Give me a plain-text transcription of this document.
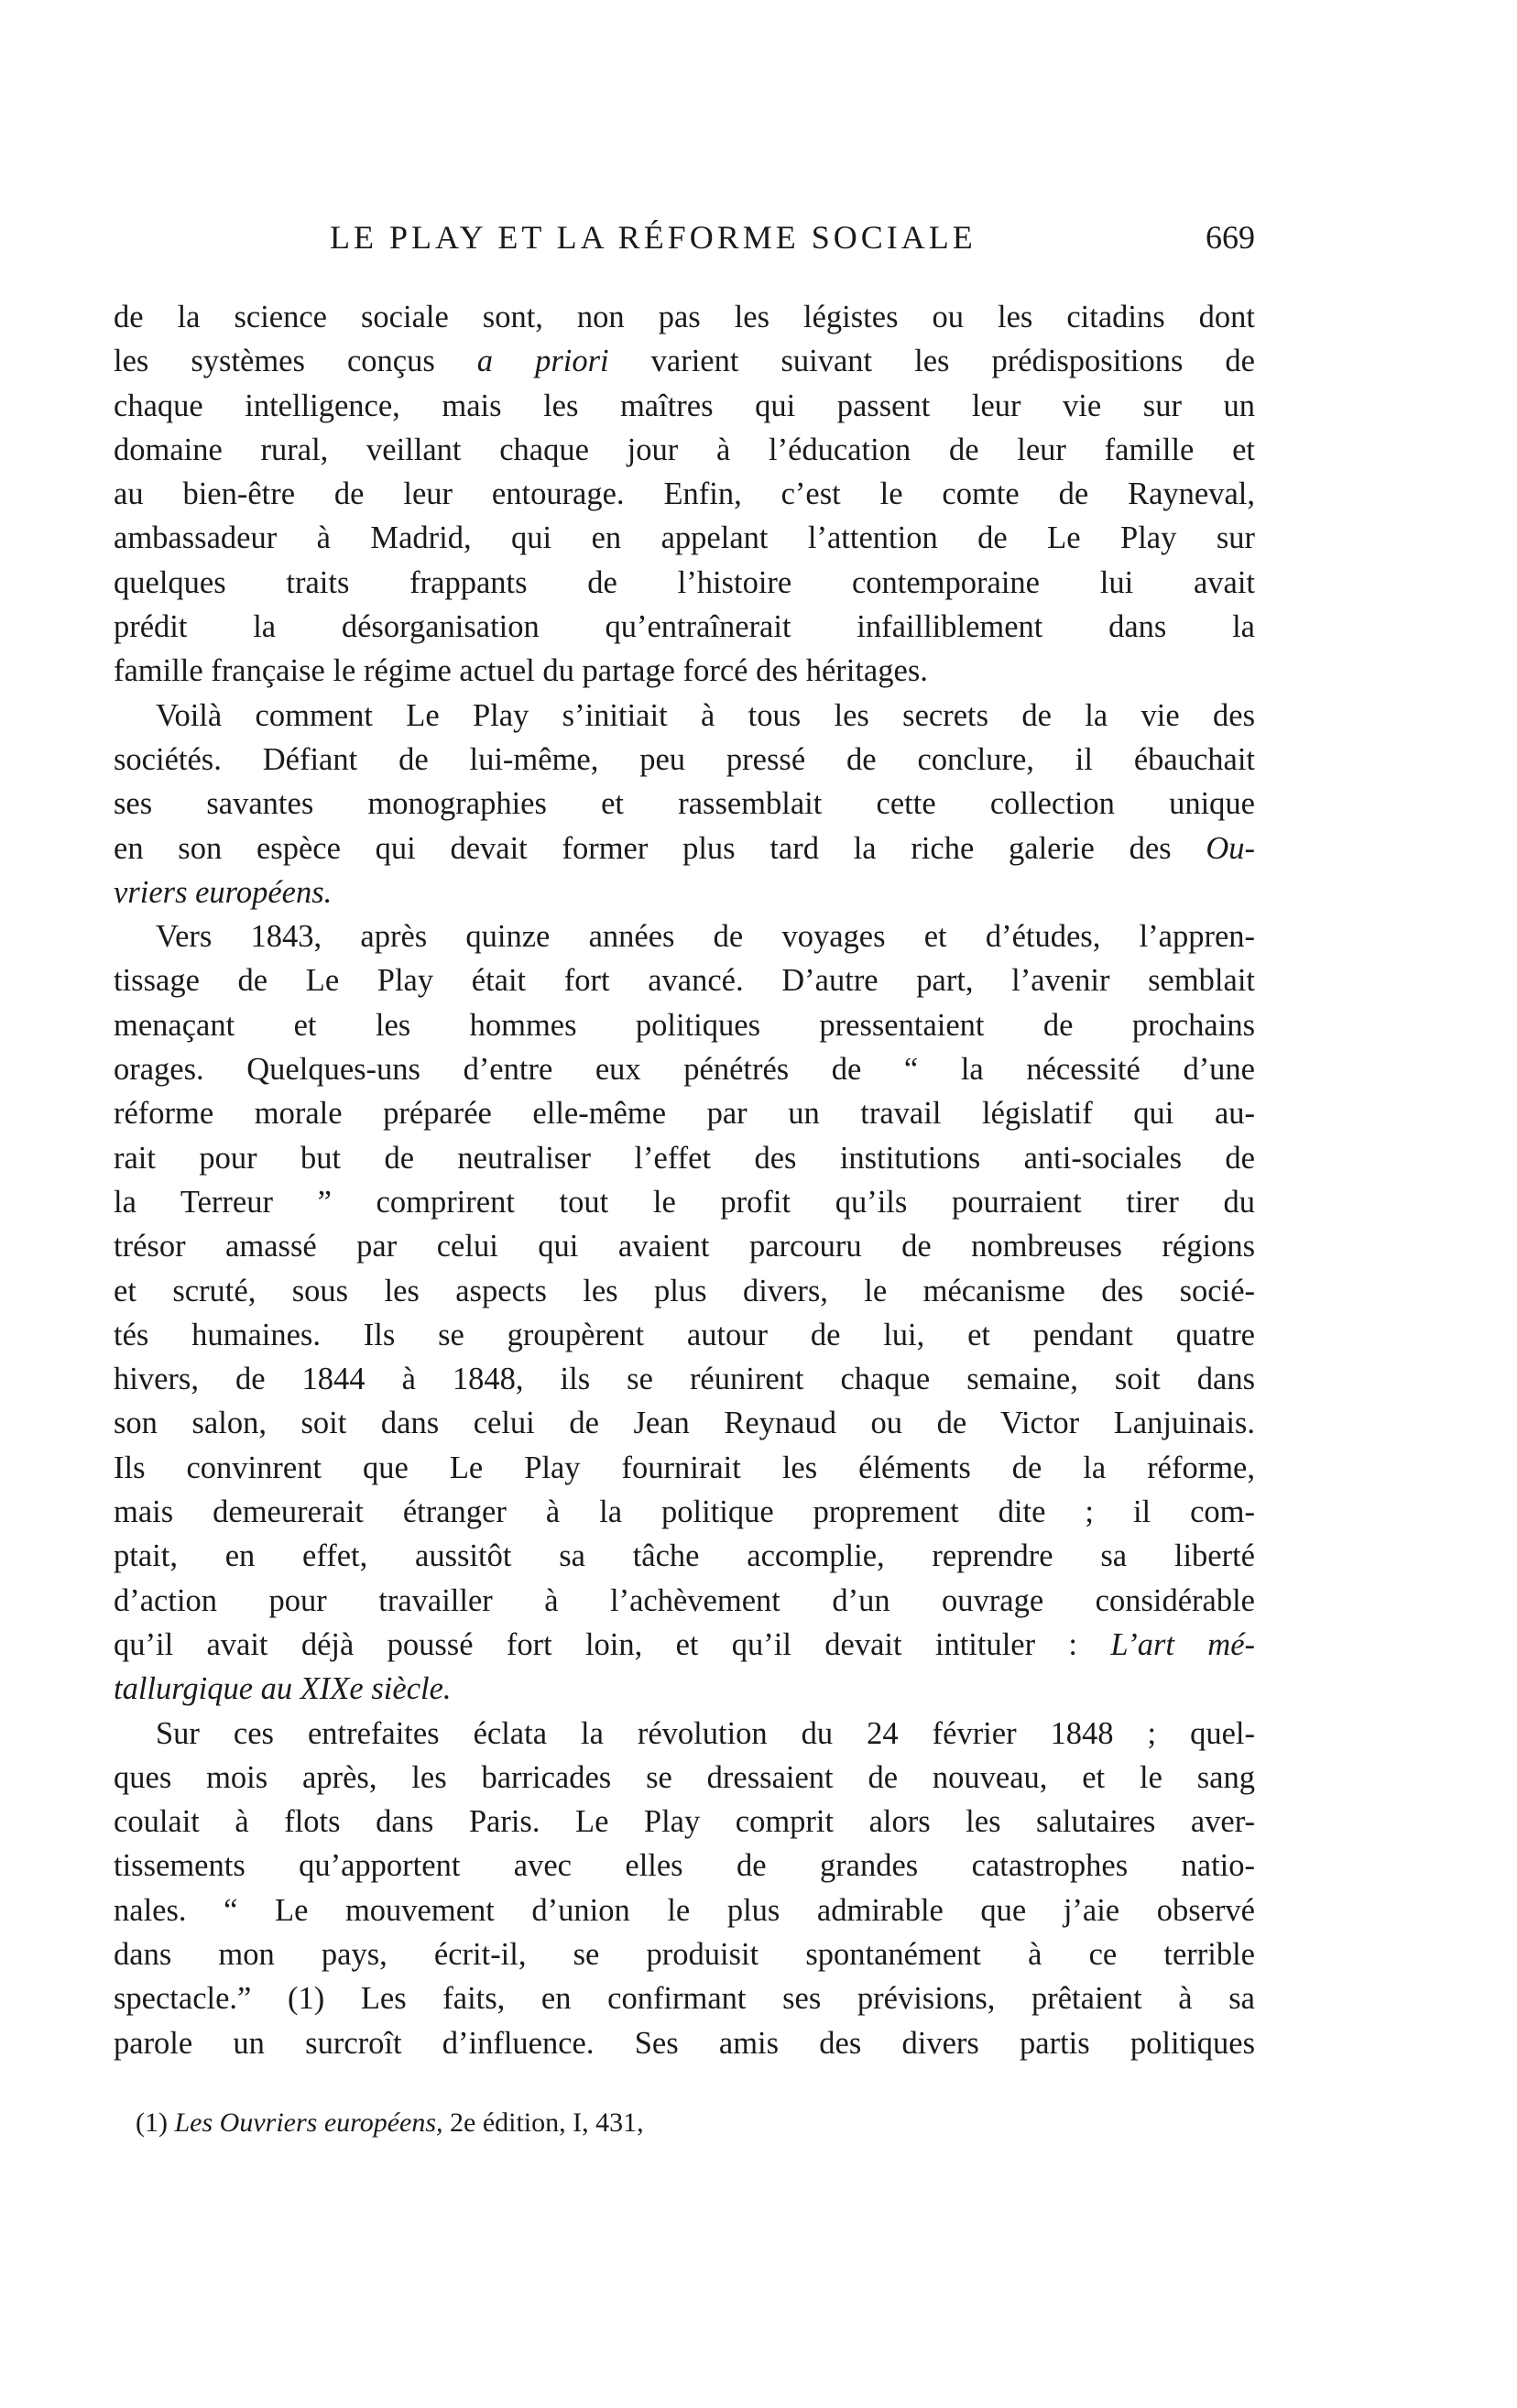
LE PLAY ET LA RÉFORME SOCIALE	669
de la science sociale sont, non pas les légistes ou les citadins dont
les systèmes conçus a priori varient suivant les prédispositions de
chaque intelligence, mais les maîtres qui passent leur vie sur un
domaine rural, veillant chaque jour à l’éducation de leur famille et
au bien-être de leur entourage. Enfin, c’est le comte de Rayneval,
ambassadeur à Madrid, qui en appelant l’attention de Le Play sur
quelques traits frappants de l’histoire contemporaine lui avait
prédit la désorganisation qu’entraînerait infailliblement dans la
famille française le régime actuel du partage forcé des héritages.
Voilà comment Le Play s’initiait à tous les secrets de la vie des
sociétés. Défiant de lui-même, peu pressé de conclure, il ébauchait
ses savantes monographies et rassemblait cette collection unique
en son espèce qui devait former plus tard la riche galerie des Ou-
vriers européens.
Vers 1843, après quinze années de voyages et d’études, l’appren-
tissage de Le Play était fort avancé. D’autre part, l’avenir semblait
menaçant et les hommes politiques pressentaient de prochains
orages. Quelques-uns d’entre eux pénétrés de “ la nécessité d’une
réforme morale préparée elle-même par un travail législatif qui au-
rait pour but de neutraliser l’effet des institutions anti-sociales de
la Terreur ” comprirent tout le profit qu’ils pourraient tirer du
trésor amassé par celui qui avaient parcouru de nombreuses régions
et scruté, sous les aspects les plus divers, le mécanisme des socié-
tés humaines. Ils se groupèrent autour de lui, et pendant quatre
hivers, de 1844 à 1848, ils se réunirent chaque semaine, soit dans
son salon, soit dans celui de Jean Reynaud ou de Victor Lanjuinais.
Ils convinrent que Le Play fournirait les éléments de la réforme,
mais demeurerait étranger à la politique proprement dite ; il com-
ptait, en effet, aussitôt sa tâche accomplie, reprendre sa liberté
d’action pour travailler à l’achèvement d’un ouvrage considérable
qu’il avait déjà poussé fort loin, et qu’il devait intituler : L’art mé-
tallurgique au XIXe siècle.
Sur ces entrefaites éclata la révolution du 24 février 1848 ; quel-
ques mois après, les barricades se dressaient de nouveau, et le sang
coulait à flots dans Paris. Le Play comprit alors les salutaires aver-
tissements qu’apportent avec elles de grandes catastrophes natio-
nales. “ Le mouvement d’union le plus admirable que j’aie observé
dans mon pays, écrit-il, se produisit spontanément à ce terrible
spectacle.” (1) Les faits, en confirmant ses prévisions, prêtaient à sa
parole un surcroît d’influence. Ses amis des divers partis politiques
(1) Les Ouvriers européens, 2e édition, I, 431,
